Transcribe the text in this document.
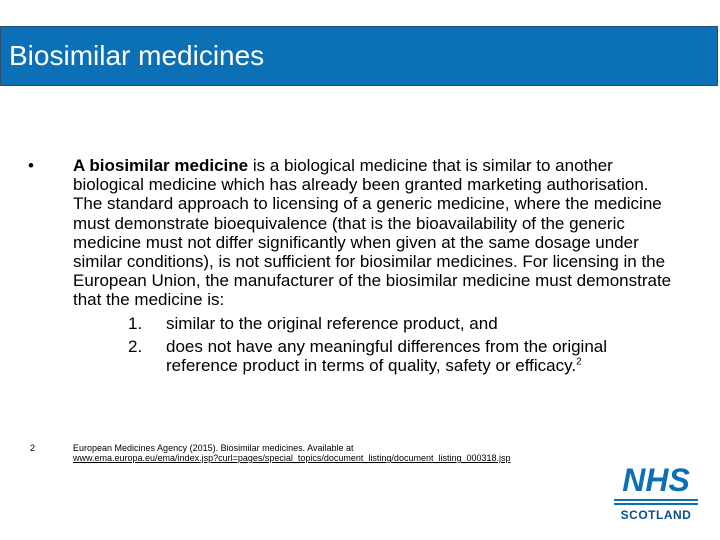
Biosimilar medicines
• A biosimilar medicine is a biological medicine that is similar to another biological medicine which has already been granted marketing authorisation. The standard approach to licensing of a generic medicine, where the medicine must demonstrate bioequivalence (that is the bioavailability of the generic medicine must not differ significantly when given at the same dosage under similar conditions), is not sufficient for biosimilar medicines. For licensing in the European Union, the manufacturer of the biosimilar medicine must demonstrate that the medicine is:

1.	similar to the original reference product, and
2.	does not have any meaningful differences from the original reference product in terms of quality, safety or efficacy.$^2$
2	European Medicines Agency (2015). Biosimilar medicines. Available at
www.ema.europa.eu/ema/index.jsp?curl=pages/special_topics/document_listing/document_listing_000318.jsp
NHS
SCOTLAND
